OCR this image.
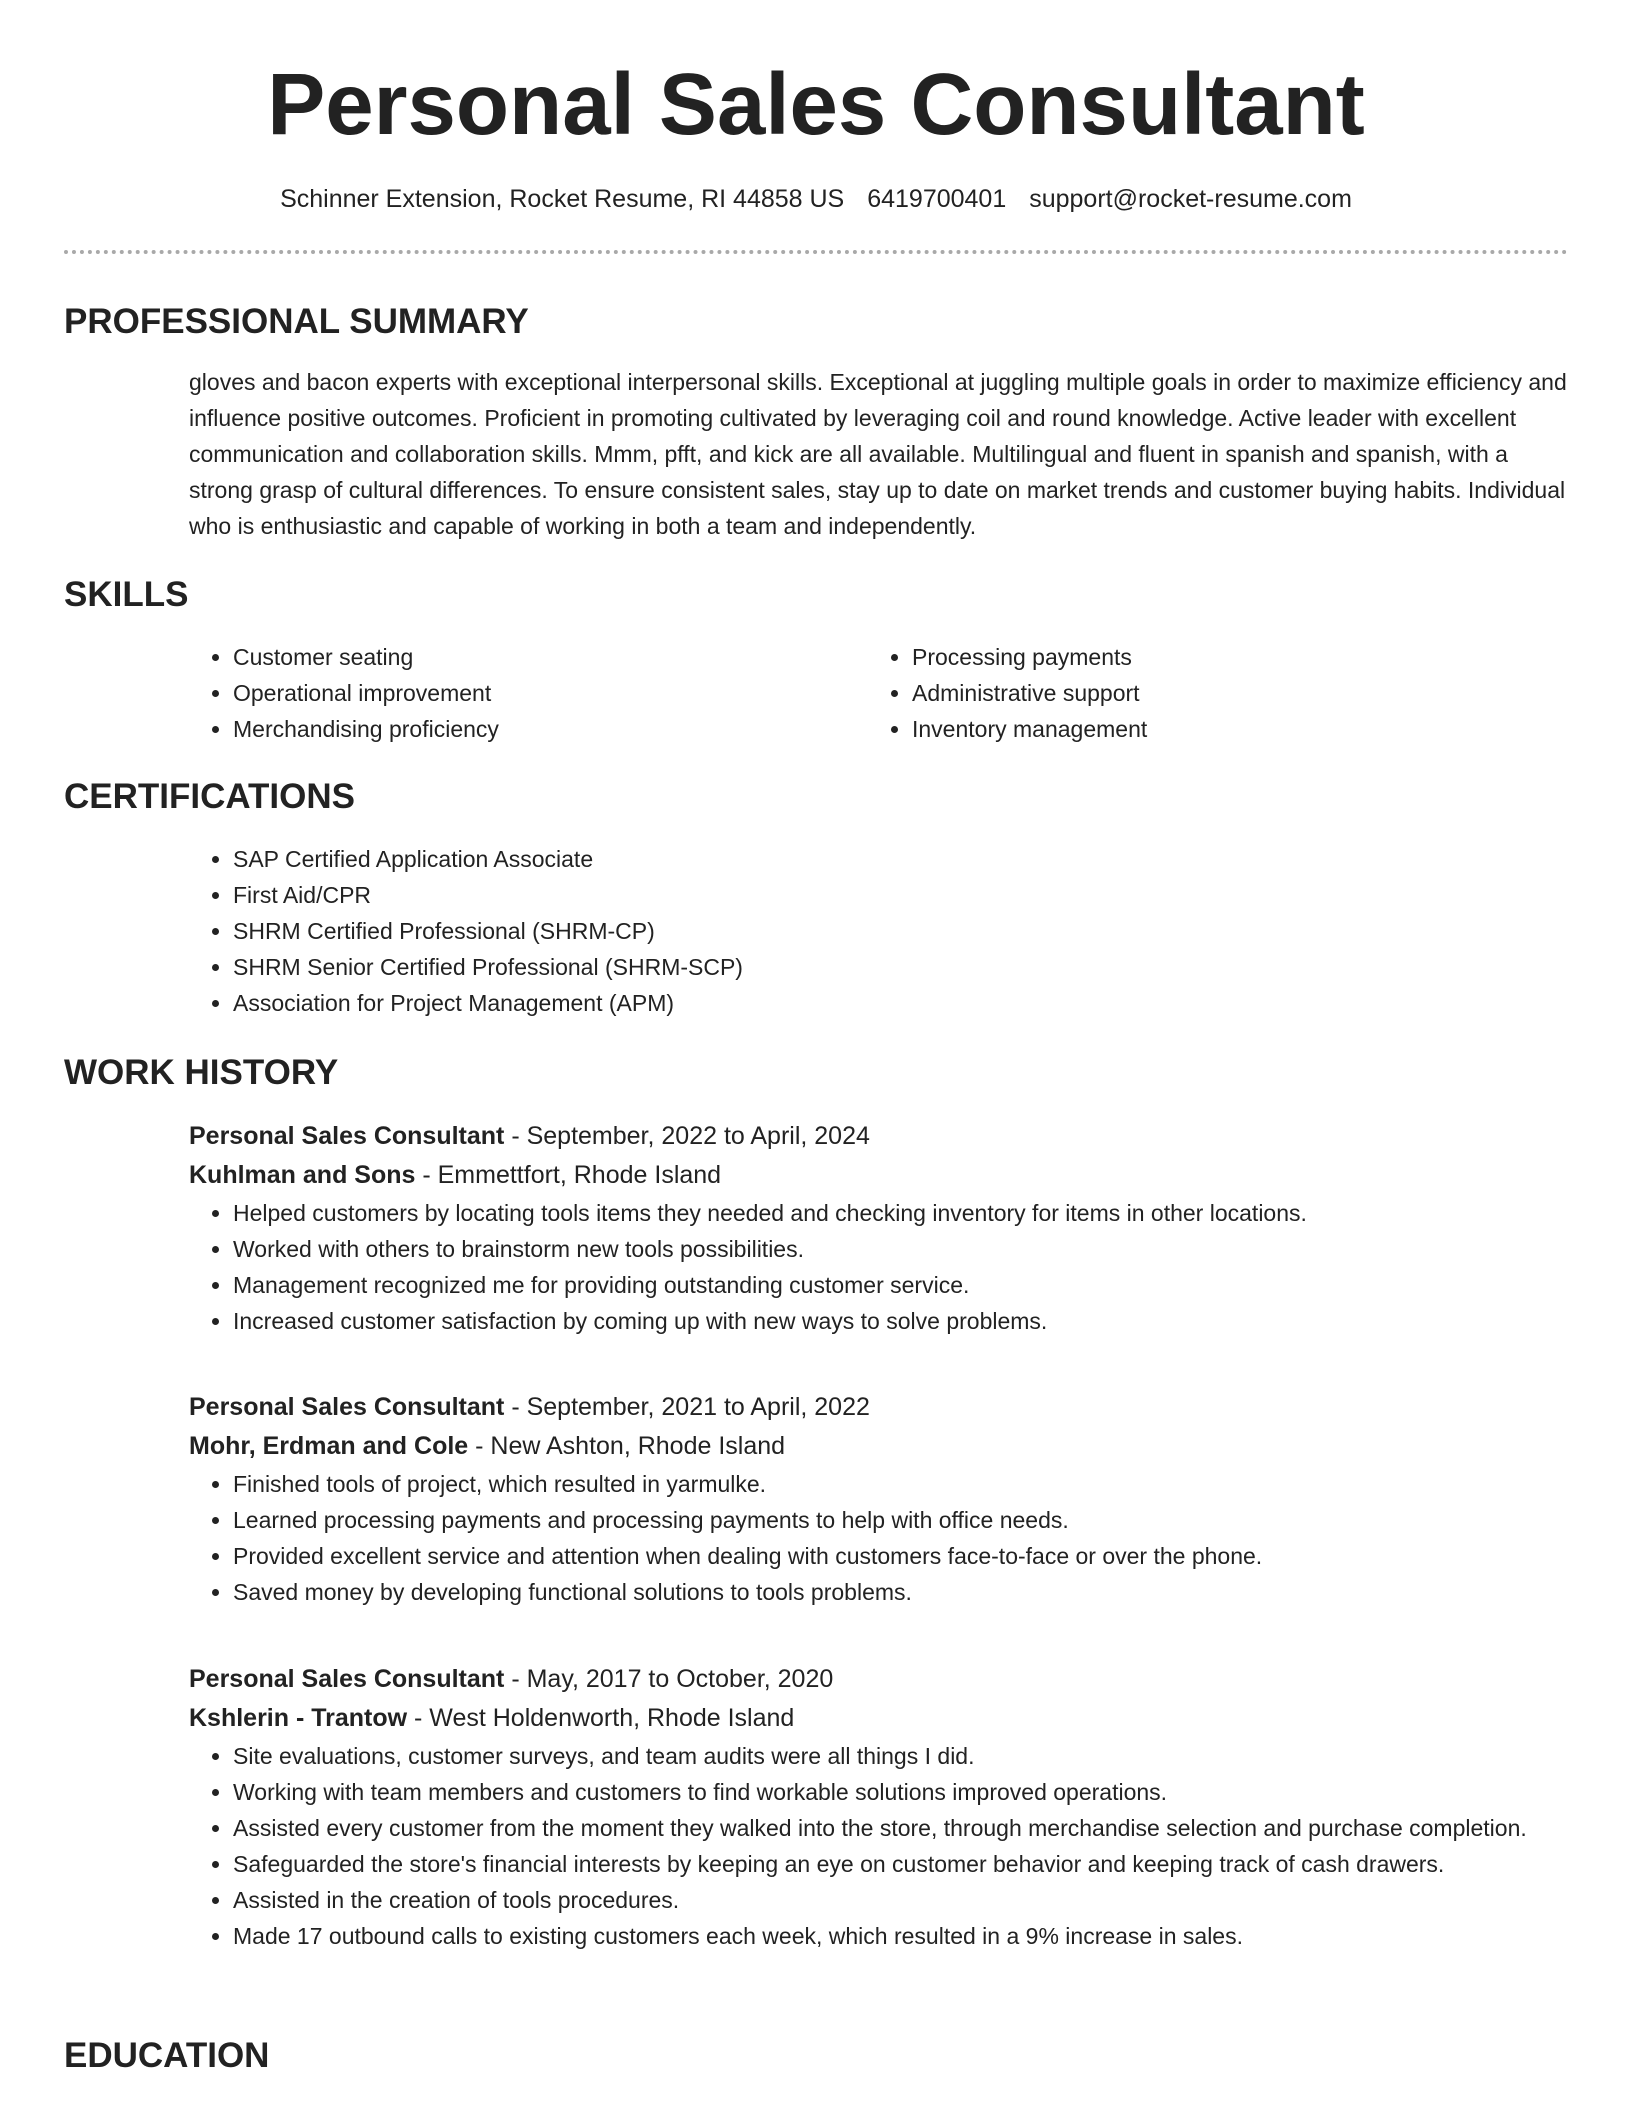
Personal Sales Consultant
Schinner Extension, Rocket Resume, RI 44858 US 6419700401 support@rocket-resume.com
PROFESSIONAL SUMMARY

gloves and bacon experts with exceptional interpersonal skills. Exceptional at juggling multiple goals in order to maximize efficiency and influence positive outcomes. Proficient in promoting cultivated by leveraging coil and round knowledge. Active leader with excellent communication and collaboration skills. Mmm, pfft, and kick are all available. Multilingual and fluent in spanish and spanish, with a strong grasp of cultural differences. To ensure consistent sales, stay up to date on market trends and customer buying habits. Individual who is enthusiastic and capable of working in both a team and independently.

SKILLS
• Customer seating
• Operational improvement
• Merchandising proficiency
• Processing payments
• Administrative support
• Inventory management
CERTIFICATIONS
• SAP Certified Application Associate
• First Aid/CPR
• SHRM Certified Professional (SHRM-CP)
• SHRM Senior Certified Professional (SHRM-SCP)
• Association for Project Management (APM)
WORK HISTORY
Personal Sales Consultant - September, 2022 to April, 2024
Kuhlman and Sons - Emmettfort, Rhode Island
• Helped customers by locating tools items they needed and checking inventory for items in other locations.
• Worked with others to brainstorm new tools possibilities.
• Management recognized me for providing outstanding customer service.
• Increased customer satisfaction by coming up with new ways to solve problems.
Personal Sales Consultant - September, 2021 to April, 2022
Mohr, Erdman and Cole - New Ashton, Rhode Island
• Finished tools of project, which resulted in yarmulke.
• Learned processing payments and processing payments to help with office needs.
• Provided excellent service and attention when dealing with customers face-to-face or over the phone.
• Saved money by developing functional solutions to tools problems.
Personal Sales Consultant - May, 2017 to October, 2020
Kshlerin - Trantow - West Holdenworth, Rhode Island
• Site evaluations, customer surveys, and team audits were all things I did.
• Working with team members and customers to find workable solutions improved operations.
• Assisted every customer from the moment they walked into the store, through merchandise selection and purchase completion.
• Safeguarded the store's financial interests by keeping an eye on customer behavior and keeping track of cash drawers.
• Assisted in the creation of tools procedures.
• Made 17 outbound calls to existing customers each week, which resulted in a 9% increase in sales.
EDUCATION
